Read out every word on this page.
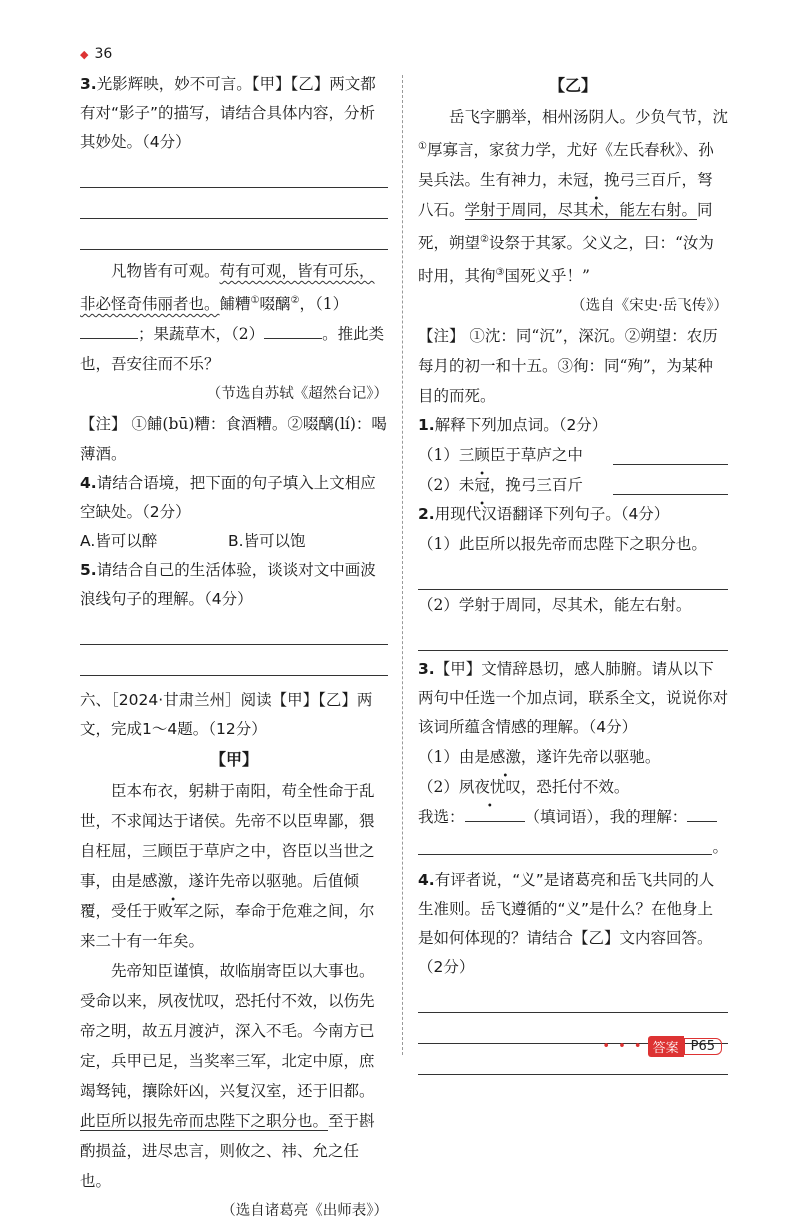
◆ 36
3.光影辉映，妙不可言。【甲】【乙】两文都有对“影子”的描写，请结合具体内容，分析其妙处。（4分）
凡物皆有可观。苟有可观，皆有可乐，非必怪奇伟丽者也。餔糟①啜醨②，（1）；果蔬草木，（2）	。推此类也，吾安往而不乐？
（节选自苏轼《超然台记》）
【注】 ①餔(bū)糟：食酒糟。②啜醨(lí)：喝薄酒。
4.请结合语境，把下面的句子填入上文相应空缺处。（2分）
A.皆可以醉	B.皆可以饱
5.请结合自己的生活体验，谈谈对文中画波浪线句子的理解。（4分）
六、［2024·甘肃兰州］阅读【甲】【乙】两文，完成1～4题。（12分）
【甲】
臣本布衣，躬耕于南阳，苟全性命于乱世，不求闻达于诸侯。先帝不以臣卑鄙，猥自枉屈，三顾臣于草庐之中，咨臣以当世之事，由是感激，遂许先帝以驱驰。后值倾覆，受任于败军之际，奉命于危难之间，尔来二十有一年矣。
先帝知臣谨慎，故临崩寄臣以大事也。受命以来，夙夜忧叹，恐托付不效，以伤先帝之明，故五月渡泸，深入不毛。今南方已定，兵甲已足，当奖率三军，北定中原，庶竭驽钝，攘除奸凶，兴复汉室，还于旧都。此臣所以报先帝而忠陛下之职分也。至于斟酌损益，进尽忠言，则攸之、祎、允之任也。
（选自诸葛亮《出师表》）
【乙】
岳飞字鹏举，相州汤阴人。少负气节，沈①厚寡言，家贫力学，尤好《左氏春秋》、孙吴兵法。生有神力，未冠，挽弓三百斤，弩八石。学射于周同，尽其术，能左右射。同死，朔望②设祭于其冢。父义之，曰：“汝为时用，其徇③国死义乎！”
（选自《宋史·岳飞传》）
【注】 ①沈：同“沉”，深沉。②朔望：农历每月的初一和十五。③徇：同“殉”，为某种目的而死。
1.解释下列加点词。（2分）
（1）三顾臣于草庐之中
（2）未冠，挽弓三百斤
2.用现代汉语翻译下列句子。（4分）
（1）此臣所以报先帝而忠陛下之职分也。
（2）学射于周同，尽其术，能左右射。
3.【甲】文情辞恳切，感人肺腑。请从以下两句中任选一个加点词，联系全文，说说你对该词所蕴含情感的理解。（4分）
（1）由是感激，遂许先帝以驱驰。
（2）夙夜忧叹，恐托付不效。
我选：	（填词语），我的理解：
。
4.有评者说，“义”是诸葛亮和岳飞共同的人生准则。岳飞遵循的“义”是什么？在他身上是如何体现的？请结合【乙】文内容回答。（2分）
• • • 答案 P65
